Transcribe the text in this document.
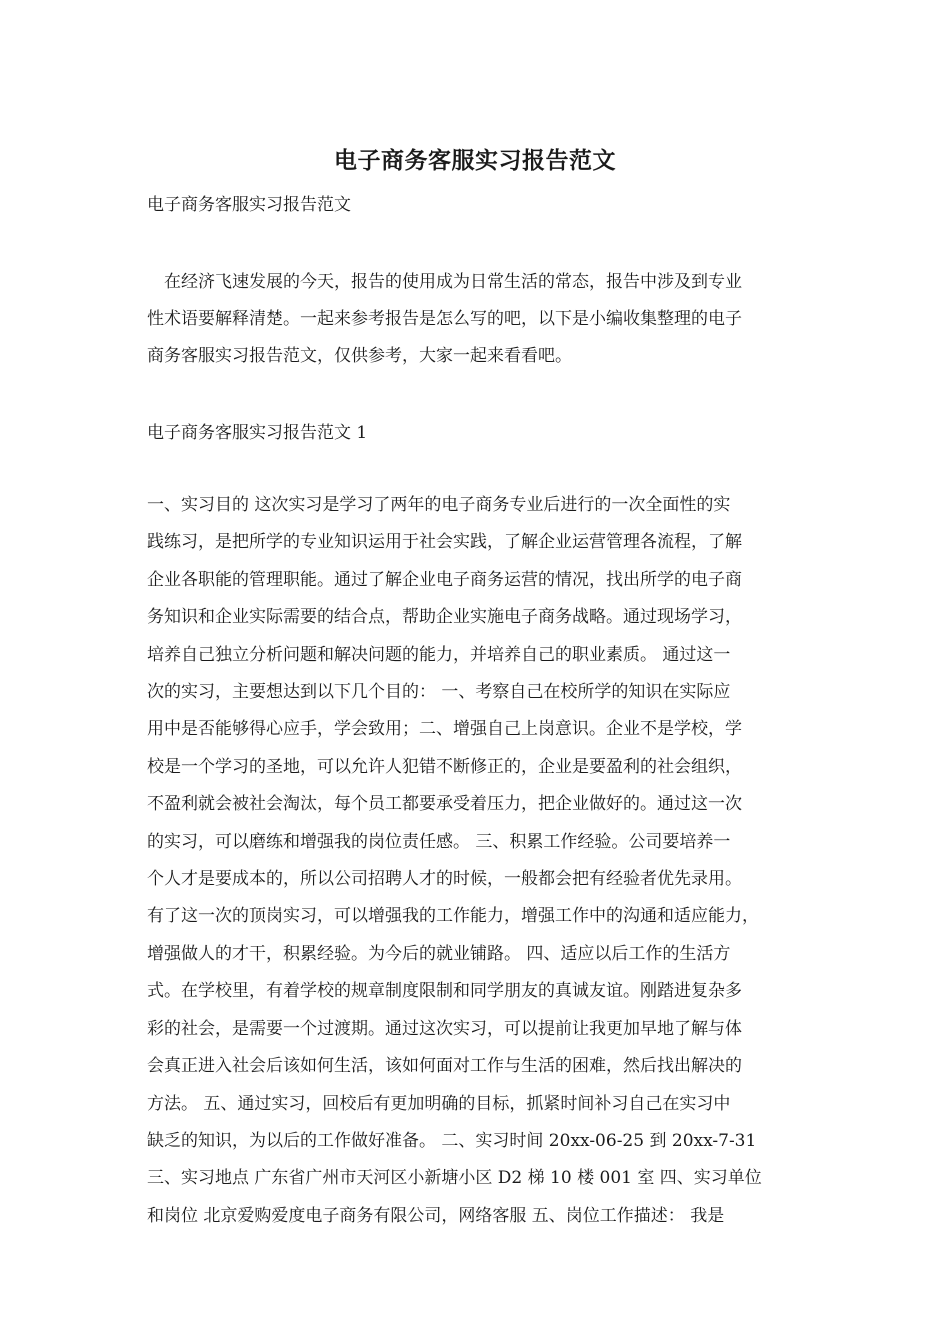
电子商务客服实习报告范文
电子商务客服实习报告范文

　在经济飞速发展的今天，报告的使用成为日常生活的常态，报告中涉及到专业
性术语要解释清楚。一起来参考报告是怎么写的吧，以下是小编收集整理的电子
商务客服实习报告范文，仅供参考，大家一起来看看吧。

电子商务客服实习报告范文 1

一、实习目的 这次实习是学习了两年的电子商务专业后进行的一次全面性的实
践练习，是把所学的专业知识运用于社会实践，了解企业运营管理各流程，了解
企业各职能的管理职能。通过了解企业电子商务运营的情况，找出所学的电子商
务知识和企业实际需要的结合点，帮助企业实施电子商务战略。通过现场学习，
培养自己独立分析问题和解决问题的能力，并培养自己的职业素质。 通过这一
次的实习，主要想达到以下几个目的： 一、考察自己在校所学的知识在实际应
用中是否能够得心应手，学会致用；二、增强自己上岗意识。企业不是学校，学
校是一个学习的圣地，可以允许人犯错不断修正的，企业是要盈利的社会组织，
不盈利就会被社会淘汰，每个员工都要承受着压力，把企业做好的。通过这一次
的实习，可以磨练和增强我的岗位责任感。 三、积累工作经验。公司要培养一
个人才是要成本的，所以公司招聘人才的时候，一般都会把有经验者优先录用。
有了这一次的顶岗实习，可以增强我的工作能力，增强工作中的沟通和适应能力，
增强做人的才干，积累经验。为今后的就业铺路。 四、适应以后工作的生活方
式。在学校里，有着学校的规章制度限制和同学朋友的真诚友谊。刚踏进复杂多
彩的社会，是需要一个过渡期。通过这次实习，可以提前让我更加早地了解与体
会真正进入社会后该如何生活，该如何面对工作与生活的困难，然后找出解决的
方法。 五、通过实习，回校后有更加明确的目标，抓紧时间补习自己在实习中
缺乏的知识，为以后的工作做好准备。 二、实习时间 20xx-06-25 到 20xx-7-31
三、实习地点 广东省广州市天河区小新塘小区 D2 梯 10 楼 001 室 四、实习单位
和岗位 北京爱购爱度电子商务有限公司，网络客服 五、岗位工作描述： 我是
